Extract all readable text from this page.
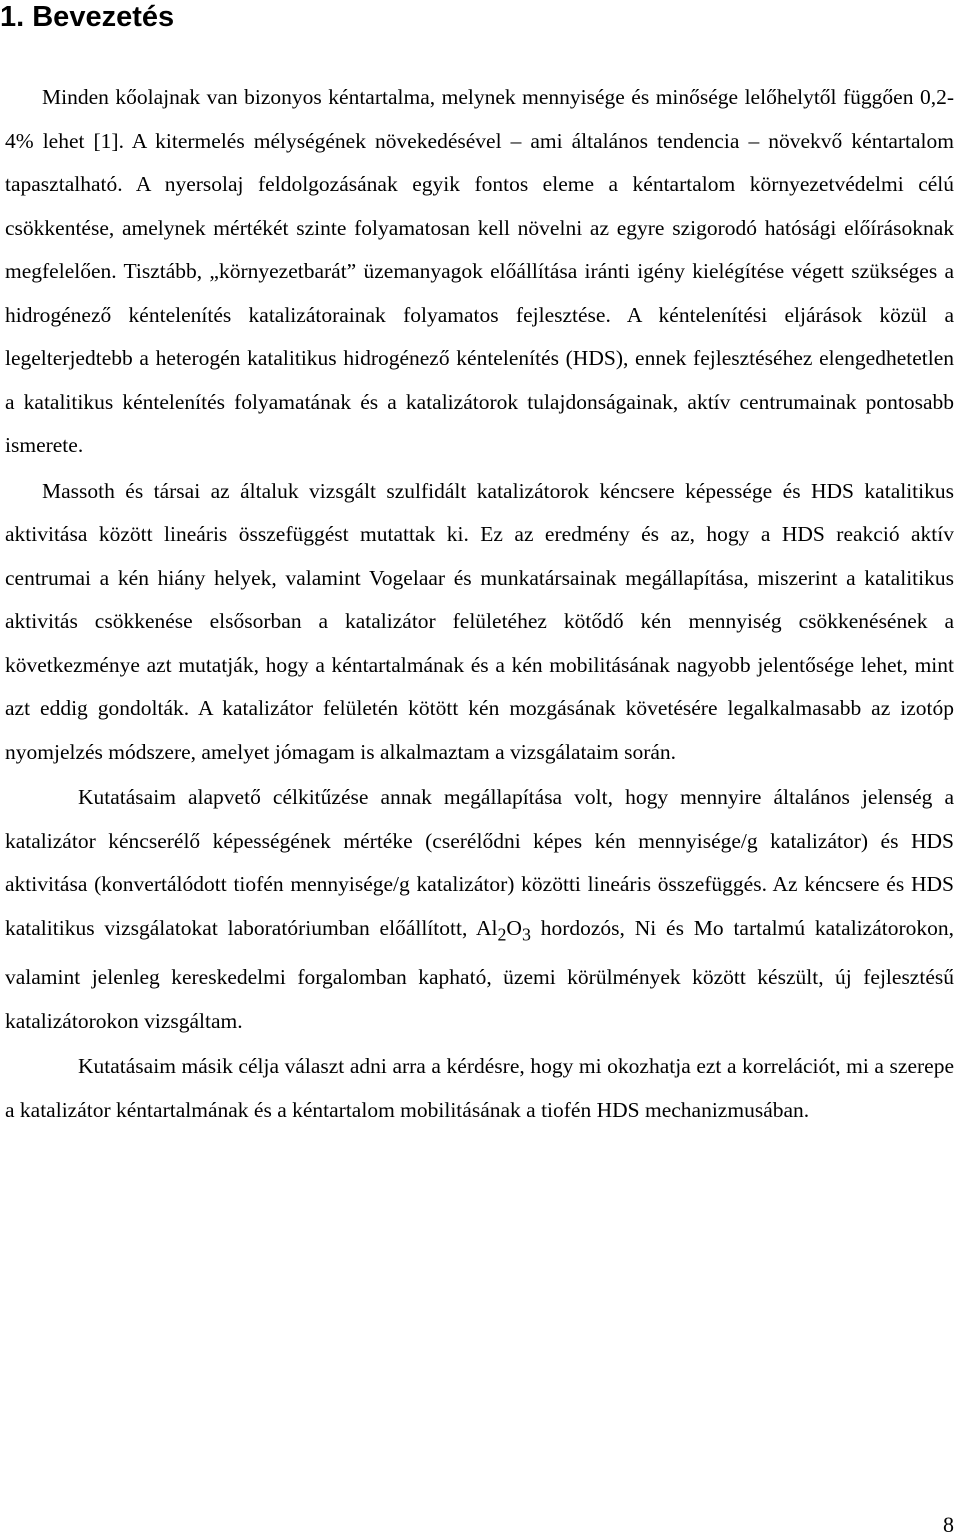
1. Bevezetés

Minden kőolajnak van bizonyos kéntartalma, melynek mennyisége és minősége lelőhelytől függően 0,2-4% lehet [1]. A kitermelés mélységének növekedésével – ami általános tendencia – növekvő kéntartalom tapasztalható. A nyersolaj feldolgozásának egyik fontos eleme a kéntartalom környezetvédelmi célú csökkentése, amelynek mértékét szinte folyamatosan kell növelni az egyre szigorodó hatósági előírásoknak megfelelően. Tisztább, „környezetbarát” üzemanyagok előállítása iránti igény kielégítése végett szükséges a hidrogénező kéntelenítés katalizátorainak folyamatos fejlesztése. A kéntelenítési eljárások közül a legelterjedtebb a heterogén katalitikus hidrogénező kéntelenítés (HDS), ennek fejlesztéséhez elengedhetetlen a katalitikus kéntelenítés folyamatának és a katalizátorok tulajdonságainak, aktív centrumainak pontosabb ismerete.

Massoth és társai az általuk vizsgált szulfidált katalizátorok kéncsere képessége és HDS katalitikus aktivitása között lineáris összefüggést mutattak ki. Ez az eredmény és az, hogy a HDS reakció aktív centrumai a kén hiány helyek, valamint Vogelaar és munkatársainak megállapítása, miszerint a katalitikus aktivitás csökkenése elsősorban a katalizátor felületéhez kötődő kén mennyiség csökkenésének a következménye azt mutatják, hogy a kéntartalmának és a kén mobilitásának nagyobb jelentősége lehet, mint azt eddig gondolták. A katalizátor felületén kötött kén mozgásának követésére legalkalmasabb az izotóp nyomjelzés módszere, amelyet jómagam is alkalmaztam a vizsgálataim során.

Kutatásaim alapvető célkitűzése annak megállapítása volt, hogy mennyire általános jelenség a katalizátor kéncserélő képességének mértéke (cserélődni képes kén mennyisége/g katalizátor) és HDS aktivitása (konvertálódott tiofén mennyisége/g katalizátor) közötti lineáris összefüggés. Az kéncsere és HDS katalitikus vizsgálatokat laboratóriumban előállított, $Al_2O_3$ hordozós, Ni és Mo tartalmú katalizátorokon, valamint jelenleg kereskedelmi forgalomban kapható, üzemi körülmények között készült, új fejlesztésű katalizátorokon vizsgáltam.

Kutatásaim másik célja választ adni arra a kérdésre, hogy mi okozhatja ezt a korrelációt, mi a szerepe a katalizátor kéntartalmának és a kéntartalom mobilitásának a tiofén HDS mechanizmusában.

8
